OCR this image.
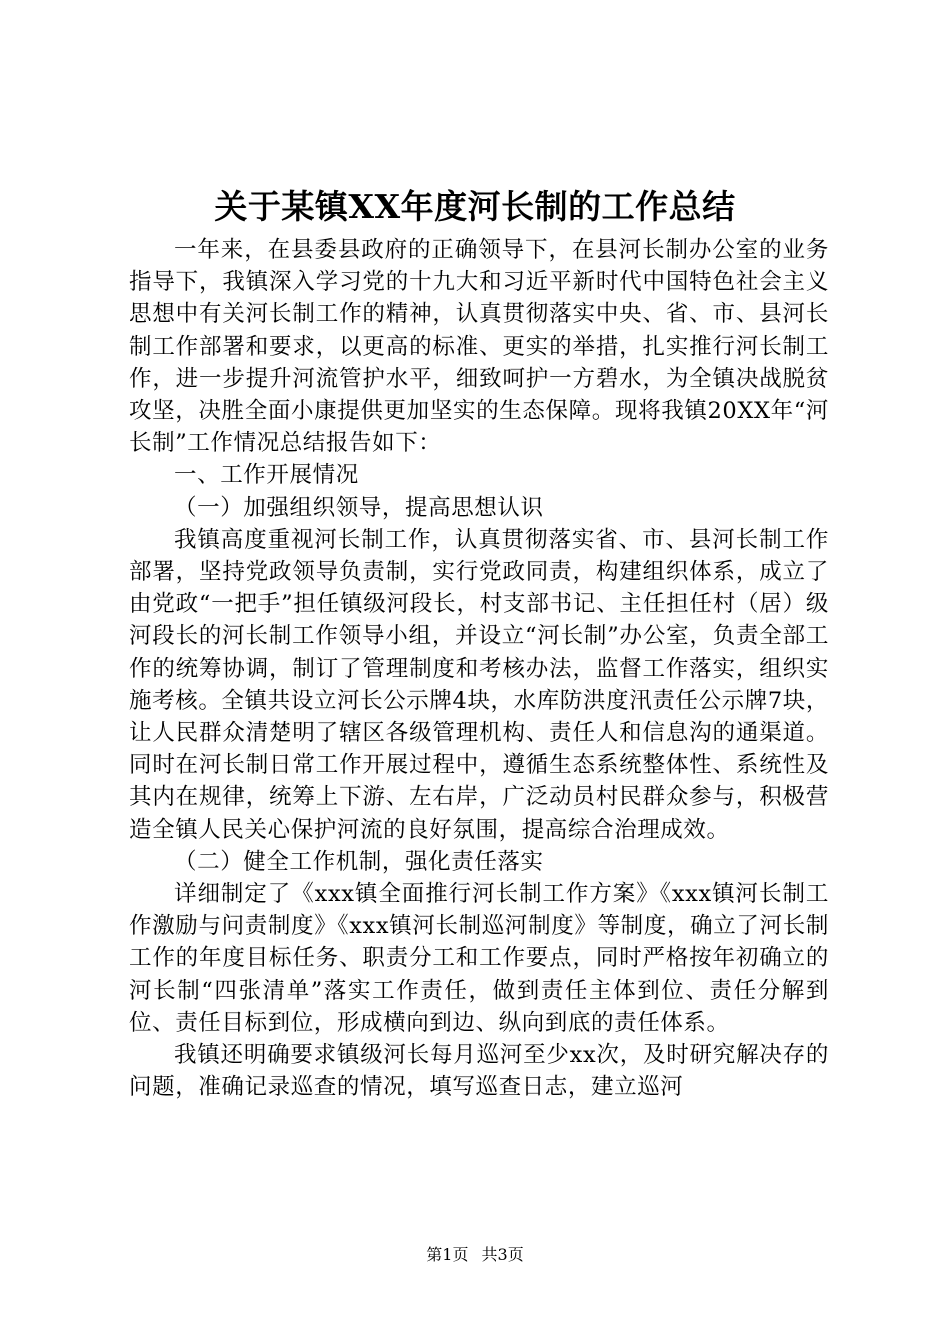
关于某镇XX年度河长制的工作总结

一年来，在县委县政府的正确领导下，在县河长制办公室的业务指导下，我镇深入学习党的十九大和习近平新时代中国特色社会主义思想中有关河长制工作的精神，认真贯彻落实中央、省、市、县河长制工作部署和要求，以更高的标准、更实的举措，扎实推行河长制工作，进一步提升河流管护水平，细致呵护一方碧水，为全镇决战脱贫攻坚，决胜全面小康提供更加坚实的生态保障。现将我镇20XX年“河长制”工作情况总结报告如下：

一、工作开展情况

（一）加强组织领导，提高思想认识

我镇高度重视河长制工作，认真贯彻落实省、市、县河长制工作部署，坚持党政领导负责制，实行党政同责，构建组织体系，成立了由党政“一把手”担任镇级河段长，村支部书记、主任担任村（居）级河段长的河长制工作领导小组，并设立“河长制”办公室，负责全部工作的统筹协调，制订了管理制度和考核办法，监督工作落实，组织实施考核。全镇共设立河长公示牌4块，水库防洪度汛责任公示牌7块，让人民群众清楚明了辖区各级管理机构、责任人和信息沟的通渠道。同时在河长制日常工作开展过程中，遵循生态系统整体性、系统性及其内在规律，统筹上下游、左右岸，广泛动员村民群众参与，积极营造全镇人民关心保护河流的良好氛围，提高综合治理成效。

（二）健全工作机制，强化责任落实

详细制定了《xxx镇全面推行河长制工作方案》《xxx镇河长制工作激励与问责制度》《xxx镇河长制巡河制度》等制度，确立了河长制工作的年度目标任务、职责分工和工作要点，同时严格按年初确立的河长制“四张清单”落实工作责任，做到责任主体到位、责任分解到位、责任目标到位，形成横向到边、纵向到底的责任体系。

我镇还明确要求镇级河长每月巡河至少xx次，及时研究解决存的问题，准确记录巡查的情况，填写巡查日志，建立巡河

第1页 共3页
